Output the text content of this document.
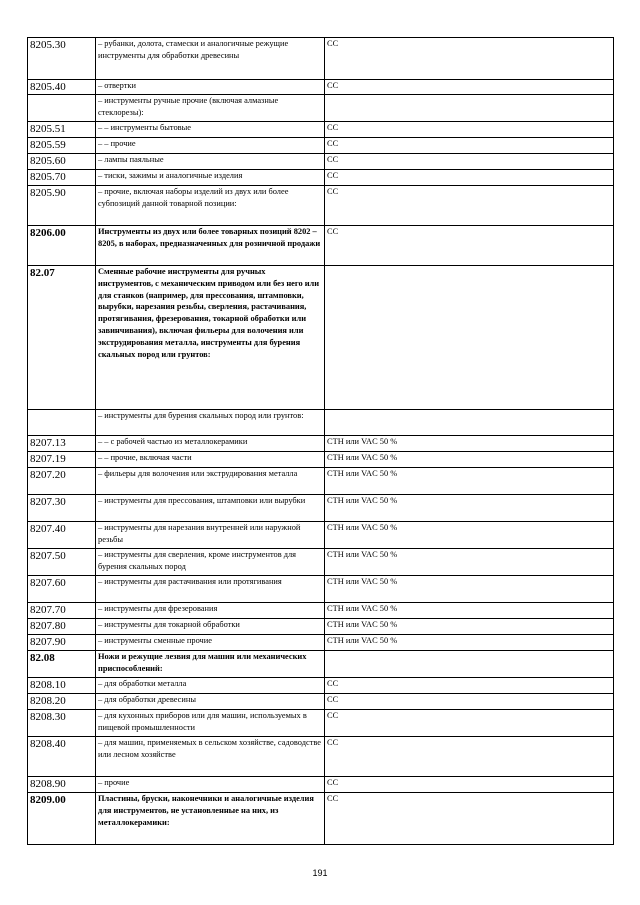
8205.30	– рубанки, долота, стамески и аналогичные режущие инструменты для обработки древесины	СС
8205.40	– отвертки	СС
	– инструменты ручные прочие (включая алмазные стеклорезы):	
8205.51	– – инструменты бытовые	СС
8205.59	– – прочие	СС
8205.60	– лампы паяльные	СС
8205.70	– тиски, зажимы и аналогичные изделия	СС
8205.90	– прочие, включая наборы изделий из двух или более субпозиций данной товарной позиции:	СС
8206.00	Инструменты из двух или более товарных позиций 8202 – 8205, в наборах, предназначенных для розничной продажи	СС
82.07	Сменные рабочие инструменты для ручных инструментов, с механическим приводом или без него или для станков (например, для прессования, штамповки, вырубки, нарезания резьбы, сверления, растачивания, протягивания, фрезерования, токарной обработки или завинчивания), включая фильеры для волочения или экструдирования металла, инструменты для бурения скальных пород или грунтов:	
	– инструменты для бурения скальных пород или грунтов:	
8207.13	– – с рабочей частью из металлокерамики	СТН или VAC 50 %
8207.19	– – прочие, включая части	СТН или VAC 50 %
8207.20	– фильеры для волочения или экструдирования металла	СТН или VAC 50 %
8207.30	– инструменты для прессования, штамповки или вырубки	СТН или VAC 50 %
8207.40	– инструменты для нарезания внутренней или наружной резьбы	СТН или VAC 50 %
8207.50	– инструменты для сверления, кроме инструментов для бурения скальных пород	СТН или VAC 50 %
8207.60	– инструменты для растачивания или протягивания	СТН или VAC 50 %
8207.70	– инструменты для фрезерования	СТН или VAC 50 %
8207.80	– инструменты для токарной обработки	СТН или VAC 50 %
8207.90	– инструменты сменные прочие	СТН или VAC 50 %
82.08	Ножи и режущие лезвия для машин или механических приспособлений:	
8208.10	– для обработки металла	СС
8208.20	– для обработки древесины	СС
8208.30	– для кухонных приборов или для машин, используемых в пищевой промышленности	СС
8208.40	– для машин, применяемых в сельском хозяйстве, садоводстве или лесном хозяйстве	СС
8208.90	– прочие	СС
8209.00	Пластины, бруски, наконечники и аналогичные изделия для инструментов, не установленные на них, из металлокерамики:	СС
191
